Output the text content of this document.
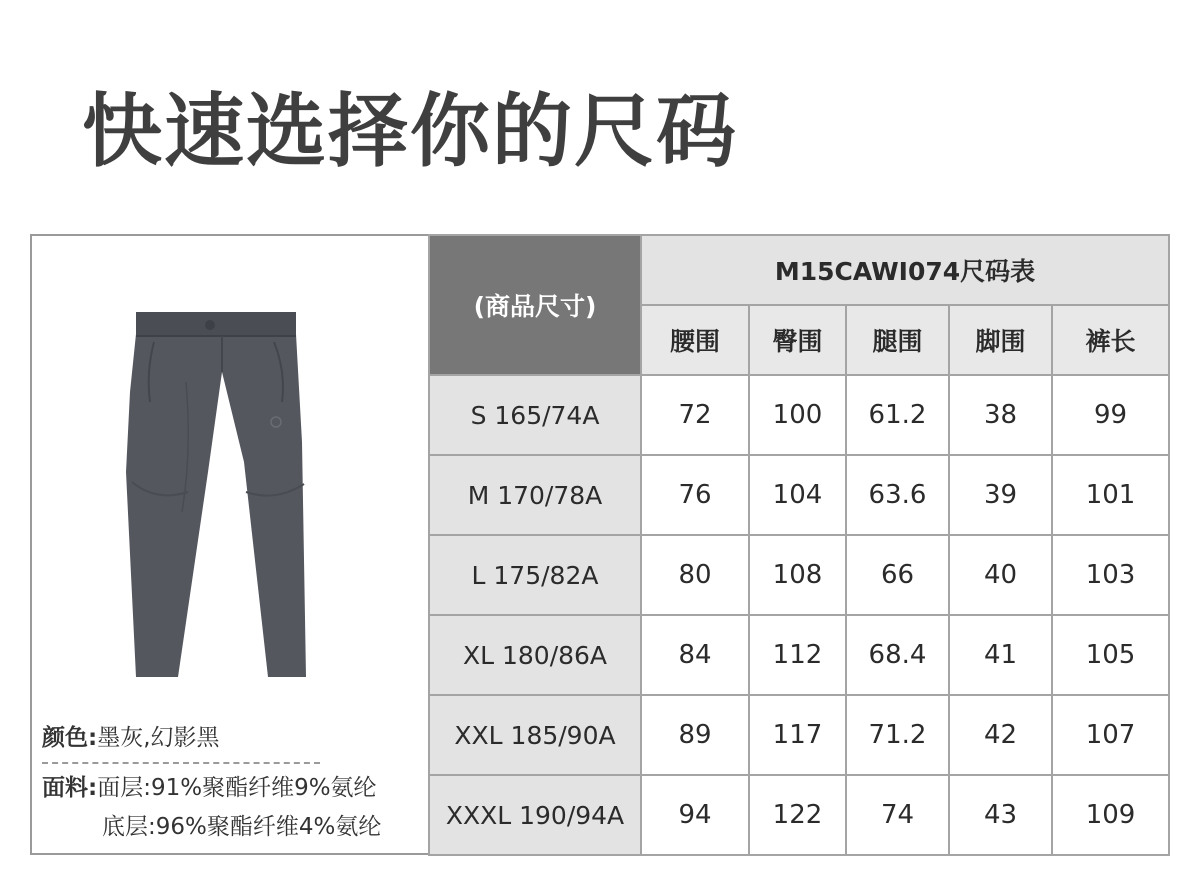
快速选择你的尺码
颜色:墨灰,幻影黑
面料:面层:91%聚酯纤维9%氨纶
底层:96%聚酯纤维4%氨纶
(商品尺寸)	M15CAWI074尺码表				
	腰围	臀围	腿围	脚围	裤长
S 165/74A	72	100	61.2	38	99
M 170/78A	76	104	63.6	39	101
L 175/82A	80	108	66	40	103
XL 180/86A	84	112	68.4	41	105
XXL 185/90A	89	117	71.2	42	107
XXXL 190/94A	94	122	74	43	109
